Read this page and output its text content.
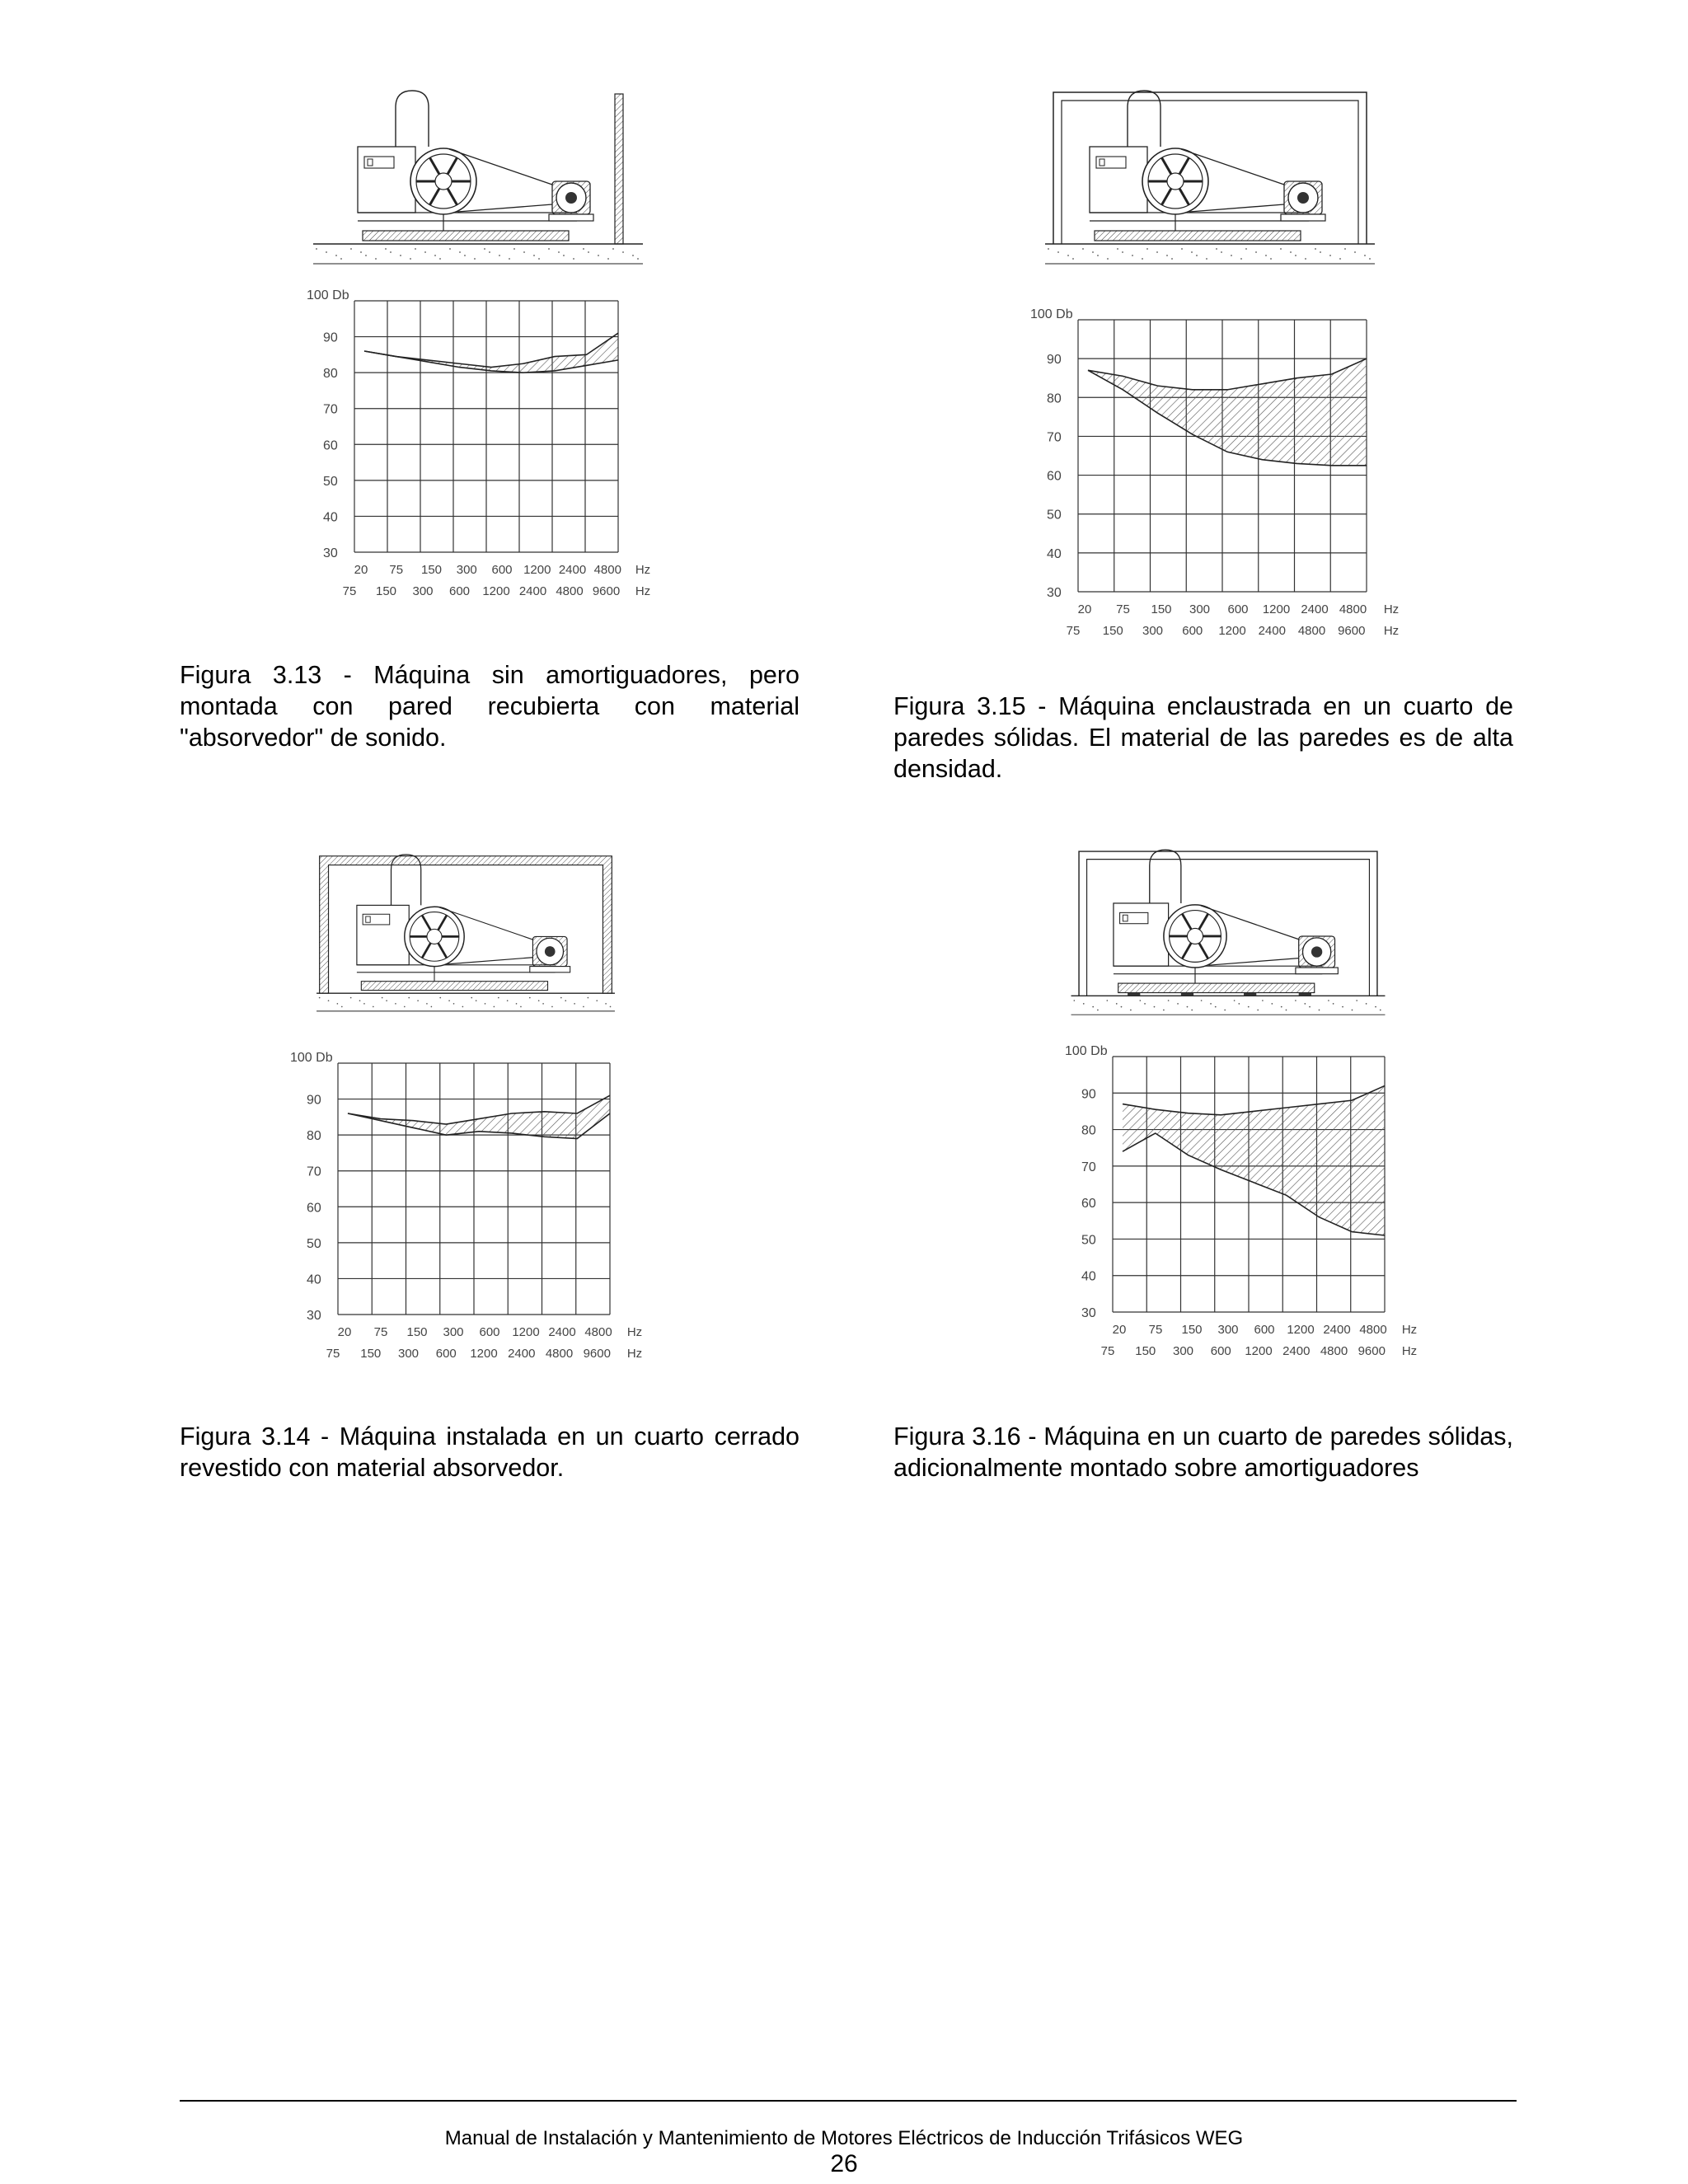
100 Db
90
80
70
60
50
40
30
20 75 150 300 600 1200 2400 4800 Hz
75 150 300 600 1200 2400 4800 9600 Hz
Figura 3.13 - Máquina sin amortiguadores, pero montada con pared recubierta con material "absorvedor" de sonido.
100 Db
90
80
70
60
50
40
30
20 75 150 300 600 1200 2400 4800 Hz
75 150 300 600 1200 2400 4800 9600 Hz
Figura 3.15 - Máquina enclaustrada en un cuarto de paredes sólidas. El material de las paredes es de alta densidad.
100 Db
90
80
70
60
50
40
30
20 75 150 300 600 1200 2400 4800 Hz
75 150 300 600 1200 2400 4800 9600 Hz
Figura 3.14 - Máquina instalada en un cuarto cerrado revestido con material absorvedor.
100 Db
90
80
70
60
50
40
30
20 75 150 300 600 1200 2400 4800 Hz
75 150 300 600 1200 2400 4800 9600 Hz
Figura 3.16 - Máquina en un cuarto de paredes sólidas, adicionalmente montado sobre amortiguadores
Manual de Instalación y Mantenimiento de Motores Eléctricos de Inducción Trifásicos WEG
26
